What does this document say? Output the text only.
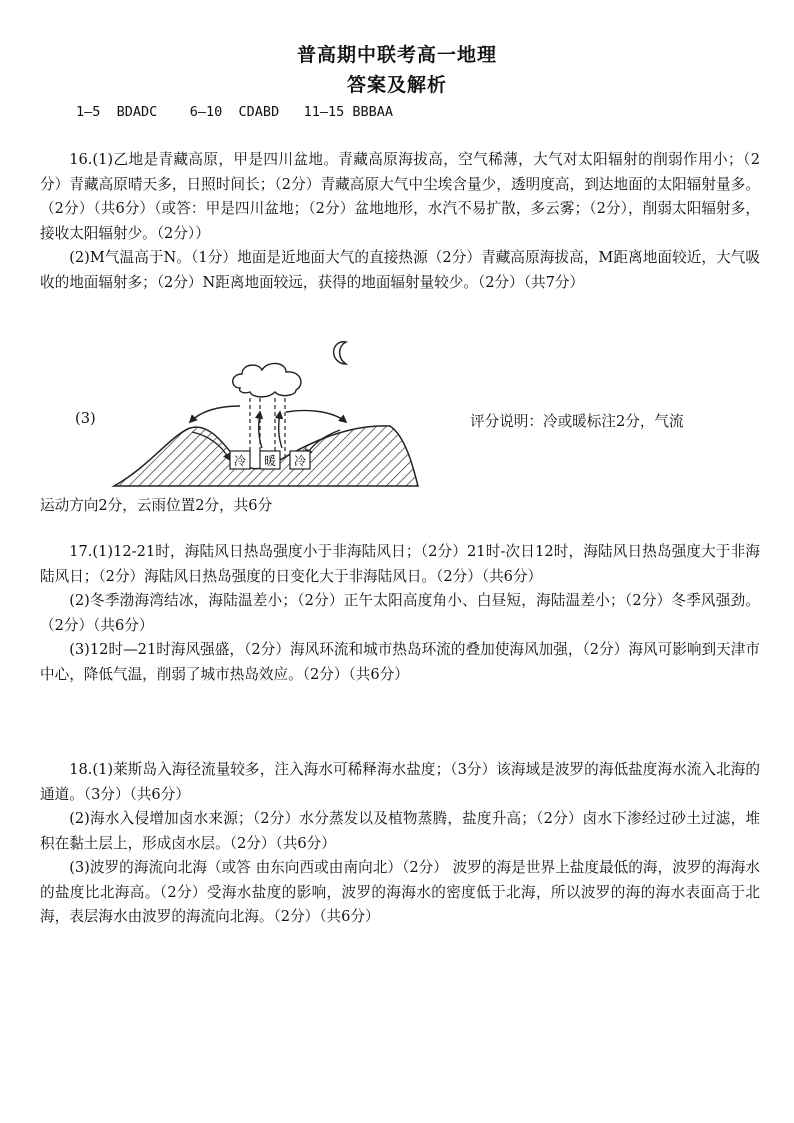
普高期中联考高一地理
答案及解析
1—5  BDADC    6—10  CDABD   11—15 BBBAA

16.(1)乙地是青藏高原，甲是四川盆地。青藏高原海拔高，空气稀薄，大气对太阳辐射的削弱作用小；（2分）青藏高原晴天多，日照时间长；（2分）青藏高原大气中尘埃含量少，透明度高，到达地面的太阳辐射量多。（2分）（共6分）（或答：甲是四川盆地；（2分）盆地地形，水汽不易扩散，多云雾；（2分），削弱太阳辐射多，接收太阳辐射少。（2分））

(2)M气温高于N。（1分）地面是近地面大气的直接热源（2分）青藏高原海拔高，M距离地面较近，大气吸收的地面辐射多；（2分）N距离地面较远，获得的地面辐射量较少。（2分）（共7分）

(3)
冷 暖 冷
评分说明：冷或暖标注2分，气流
运动方向2分，云雨位置2分，共6分

17.(1)12-21时，海陆风日热岛强度小于非海陆风日；（2分）21时-次日12时，海陆风日热岛强度大于非海陆风日；（2分）海陆风日热岛强度的日变化大于非海陆风日。（2分）（共6分）

(2)冬季渤海湾结冰，海陆温差小；（2分）正午太阳高度角小、白昼短，海陆温差小；（2分）冬季风强劲。（2分）（共6分）

(3)12时—21时海风强盛，（2分）海风环流和城市热岛环流的叠加使海风加强，（2分）海风可影响到天津市中心，降低气温，削弱了城市热岛效应。（2分）（共6分）

18.(1)莱斯岛入海径流量较多，注入海水可稀释海水盐度；（3分）该海域是波罗的海低盐度海水流入北海的通道。（3分）（共6分）

(2)海水入侵增加卤水来源；（2分）水分蒸发以及植物蒸腾，盐度升高；（2分）卤水下渗经过砂土过滤，堆积在黏土层上，形成卤水层。（2分）（共6分）

(3)波罗的海流向北海（或答 由东向西或由南向北）（2分） 波罗的海是世界上盐度最低的海，波罗的海海水的盐度比北海高。（2分）受海水盐度的影响，波罗的海海水的密度低于北海，所以波罗的海的海水表面高于北海，表层海水由波罗的海流向北海。（2分）（共6分）
